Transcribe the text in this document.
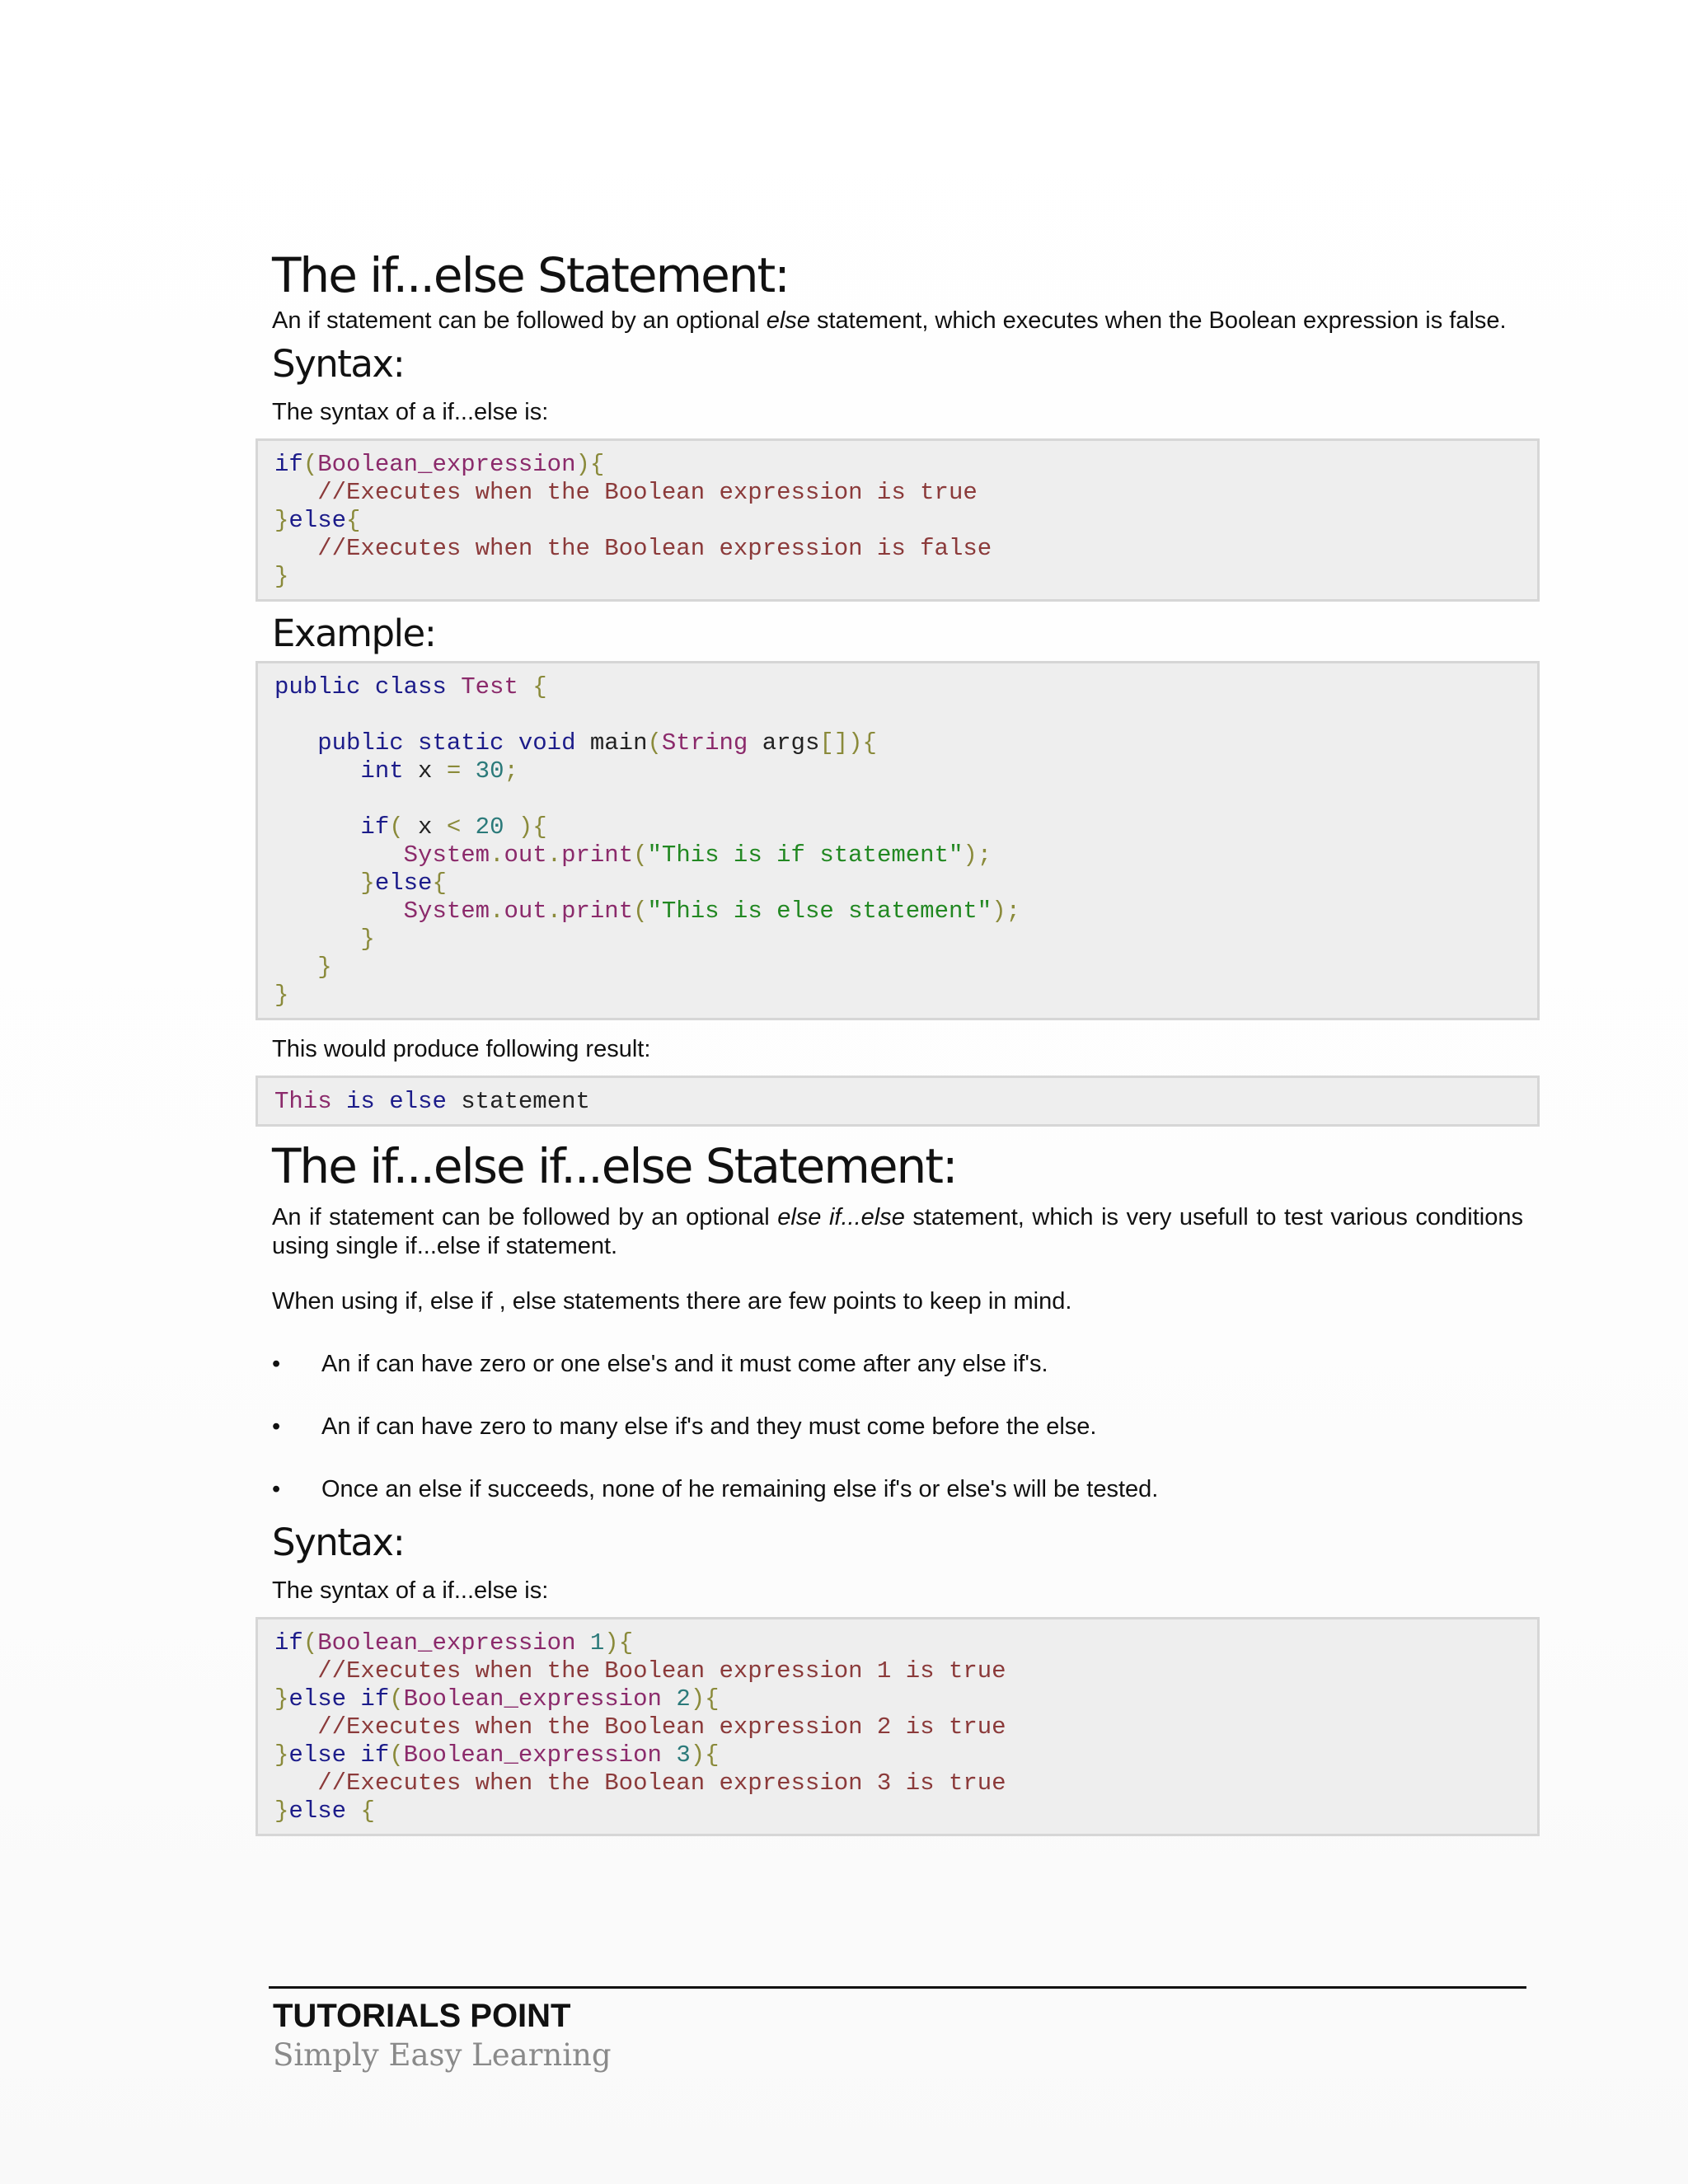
The if...else Statement:

An if statement can be followed by an optional else statement, which executes when the Boolean expression is false.

Syntax:

The syntax of a if...else is:

if(Boolean_expression){
//Executes when the Boolean expression is true
}else{
//Executes when the Boolean expression is false
}
Example:
public class Test {
public static void main(String args[]){
int x = 30;
if( x < 20 ){
System.out.print("This is if statement");
}else{
System.out.print("This is else statement");
}
}
}

This would produce following result:

This is else statement
The if...else if...else Statement:

An if statement can be followed by an optional else if...else statement, which is very usefull to test various conditions using single if...else if statement.

When using if, else if , else statements there are few points to keep in mind.

• An if can have zero or one else's and it must come after any else if's.
• An if can have zero to many else if's and they must come before the else.
• Once an else if succeeds, none of he remaining else if's or else's will be tested.
Syntax:

The syntax of a if...else is:

if(Boolean_expression 1){
//Executes when the Boolean expression 1 is true
}else if(Boolean_expression 2){
//Executes when the Boolean expression 2 is true
}else if(Boolean_expression 3){
//Executes when the Boolean expression 3 is true
}else {
TUTORIALS POINT
Simply Easy Learning
